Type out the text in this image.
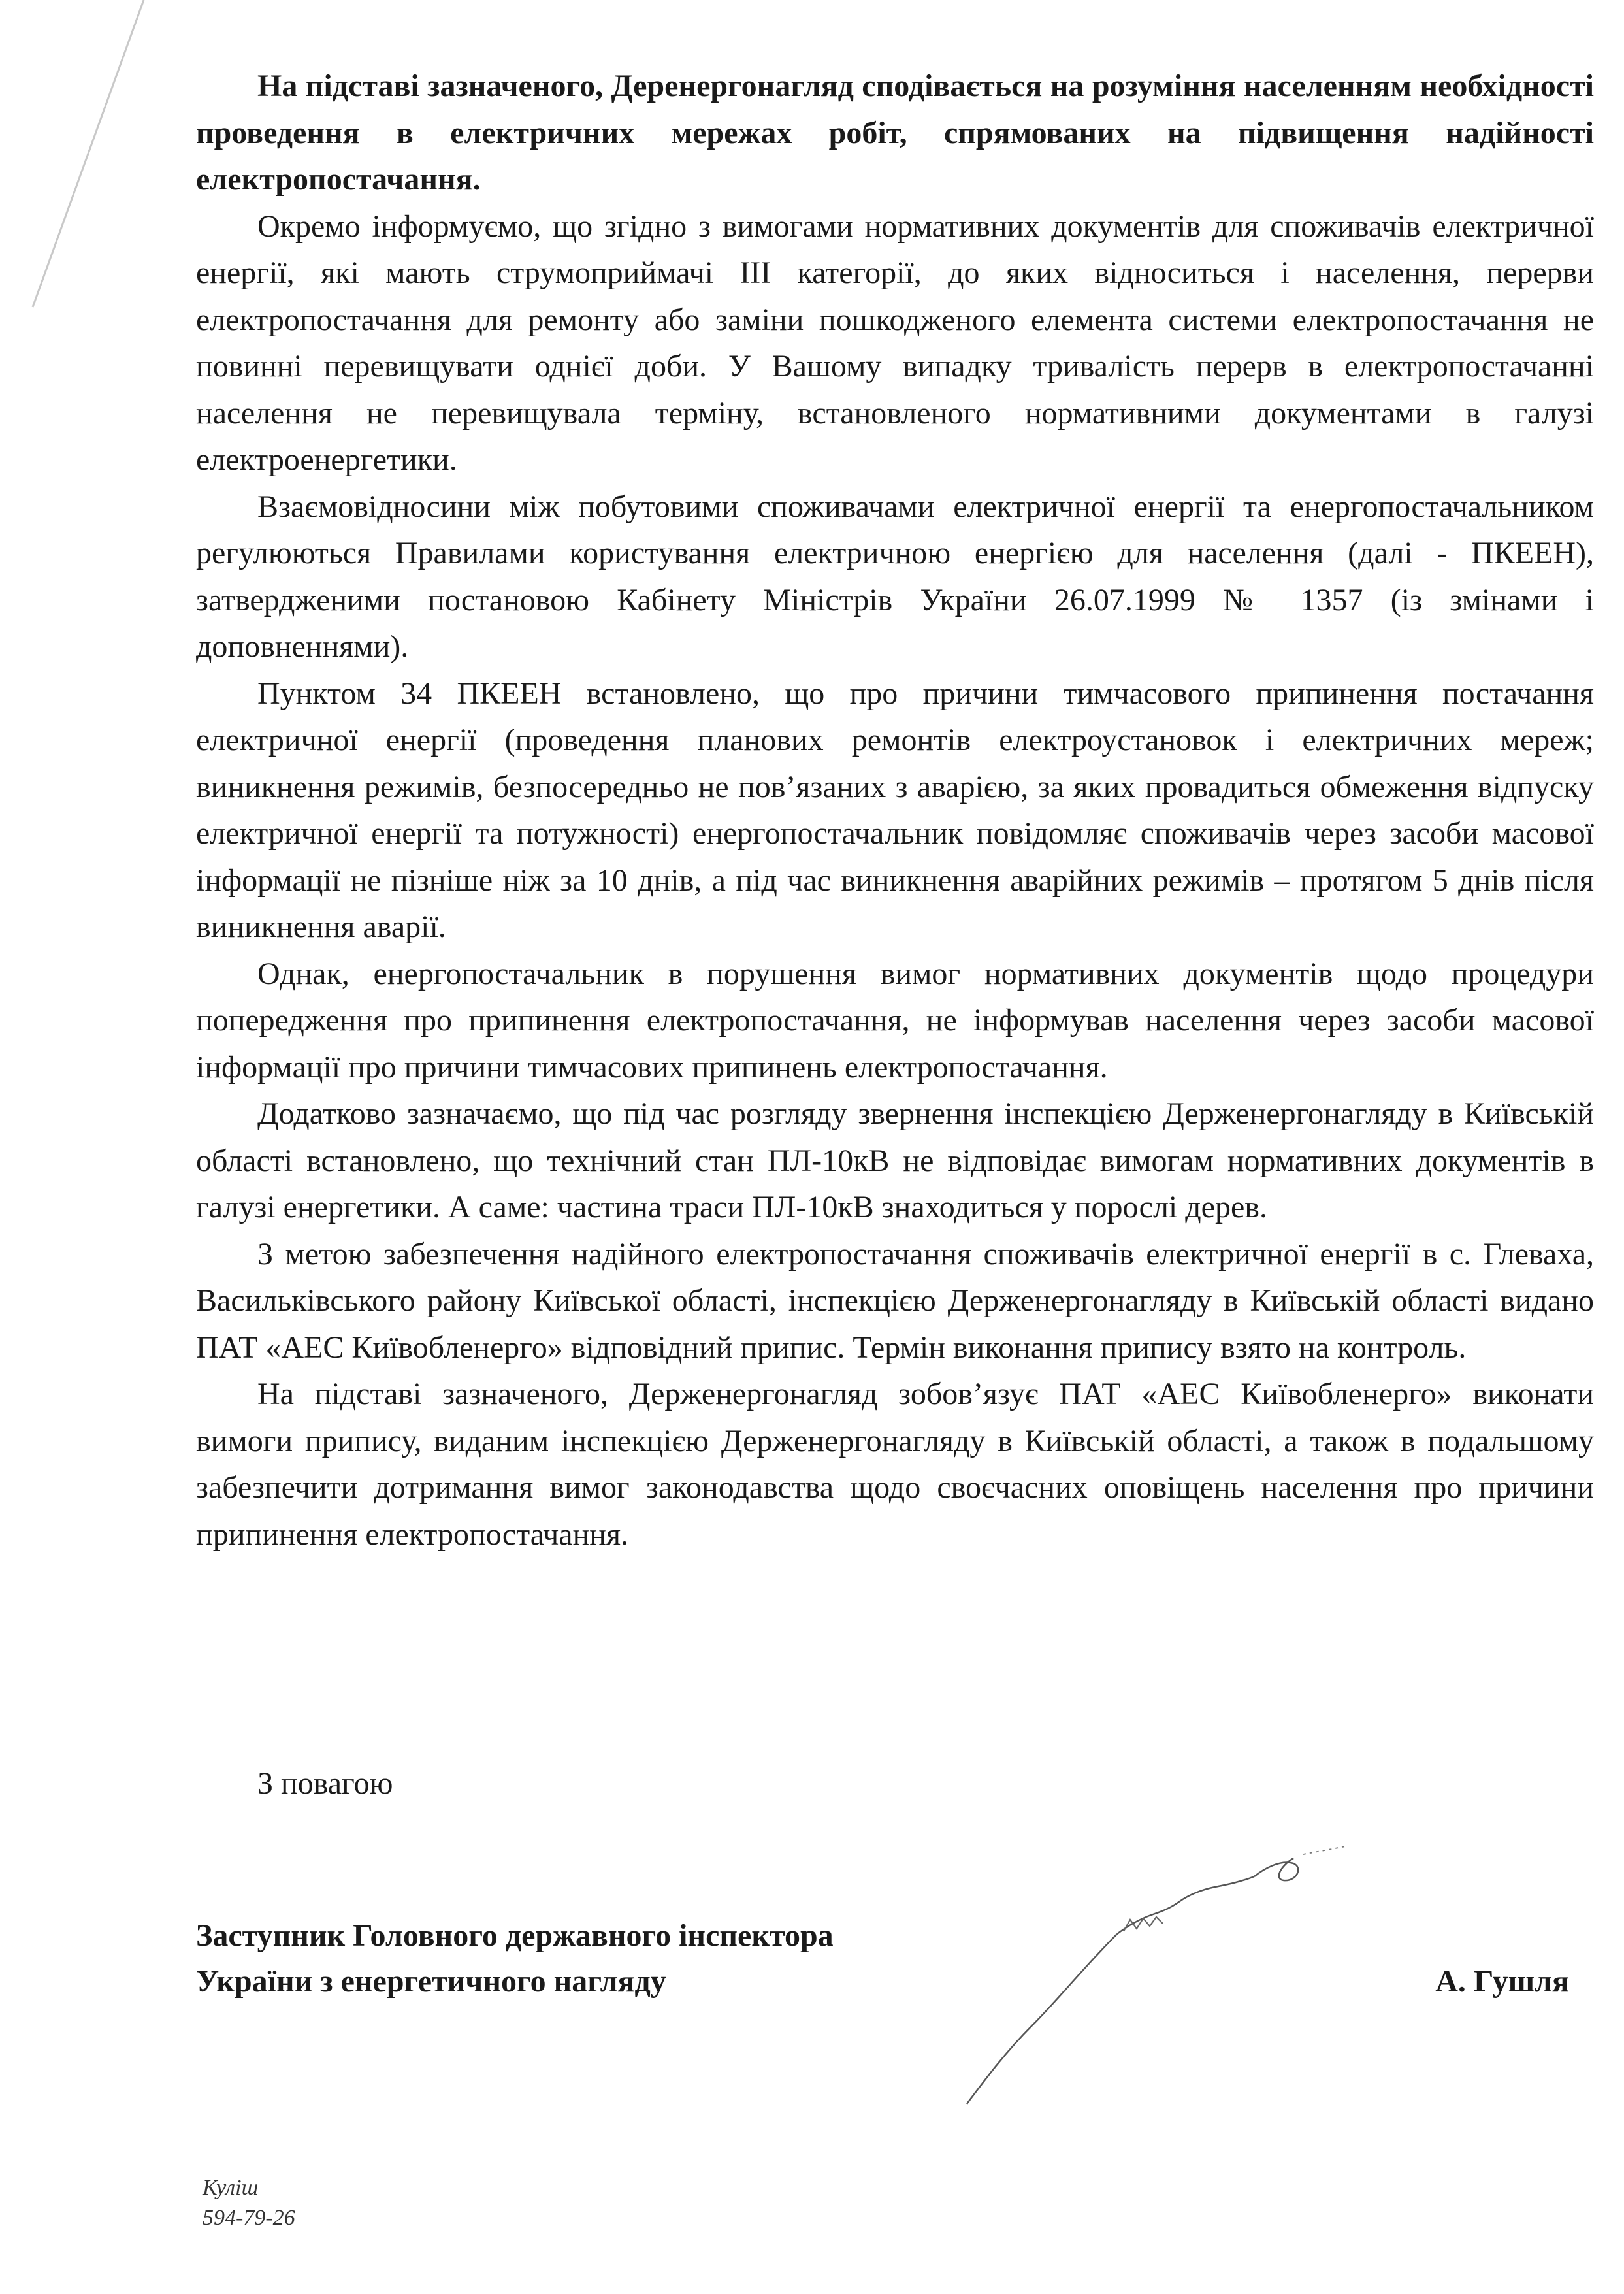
На підставі зазначеного, Деренергонагляд сподівається на розуміння населенням необхідності проведення в електричних мережах робіт, спрямованих на підвищення надійності електропостачання.

Окремо інформуємо, що згідно з вимогами нормативних документів для споживачів електричної енергії, які мають струмоприймачі III категорії, до яких відноситься і населення, перерви електропостачання для ремонту або заміни пошкодженого елемента системи електропостачання не повинні перевищувати однієї доби. У Вашому випадку тривалість перерв в електропостачанні населення не перевищувала терміну, встановленого нормативними документами в галузі електроенергетики.

Взаємовідносини між побутовими споживачами електричної енергії та енергопостачальником регулюються Правилами користування електричною енергією для населення (далі - ПКЕЕН), затвердженими постановою Кабінету Міністрів України 26.07.1999 № 1357 (із змінами і доповненнями).

Пунктом 34 ПКЕЕН встановлено, що про причини тимчасового припинення постачання електричної енергії (проведення планових ремонтів електроустановок і електричних мереж; виникнення режимів, безпосередньо не пов’язаних з аварією, за яких провадиться обмеження відпуску електричної енергії та потужності) енергопостачальник повідомляє споживачів через засоби масової інформації не пізніше ніж за 10 днів, а під час виникнення аварійних режимів – протягом 5 днів після виникнення аварії.

Однак, енергопостачальник в порушення вимог нормативних документів щодо процедури попередження про припинення електропостачання, не інформував населення через засоби масової інформації про причини тимчасових припинень електропостачання.

Додатково зазначаємо, що під час розгляду звернення інспекцією Держенергонагляду в Київській області встановлено, що технічний стан ПЛ-10кВ не відповідає вимогам нормативних документів в галузі енергетики. А саме: частина траси ПЛ-10кВ знаходиться у поpослі дерев.

З метою забезпечення надійного електропостачання споживачів електричної енергії в с. Глеваха, Васильківського району Київської області, інспекцією Держенергонагляду в Київській області видано ПАТ «АЕС Київобленерго» відповідний припис. Термін виконання припису взято на контроль.

На підставі зазначеного, Держенергонагляд зобов’язує ПАТ «АЕС Київобленерго» виконати вимоги припису, виданим інспекцією Держенергонагляду в Київській області, а також в подальшому забезпечити дотримання вимог законодавства щодо своєчасних оповіщень населення про причини припинення електропостачання.

З повагою

Заступник Головного державного інспектора
України з енергетичного нагляду	А. Гушля
Куліш
594-79-26
